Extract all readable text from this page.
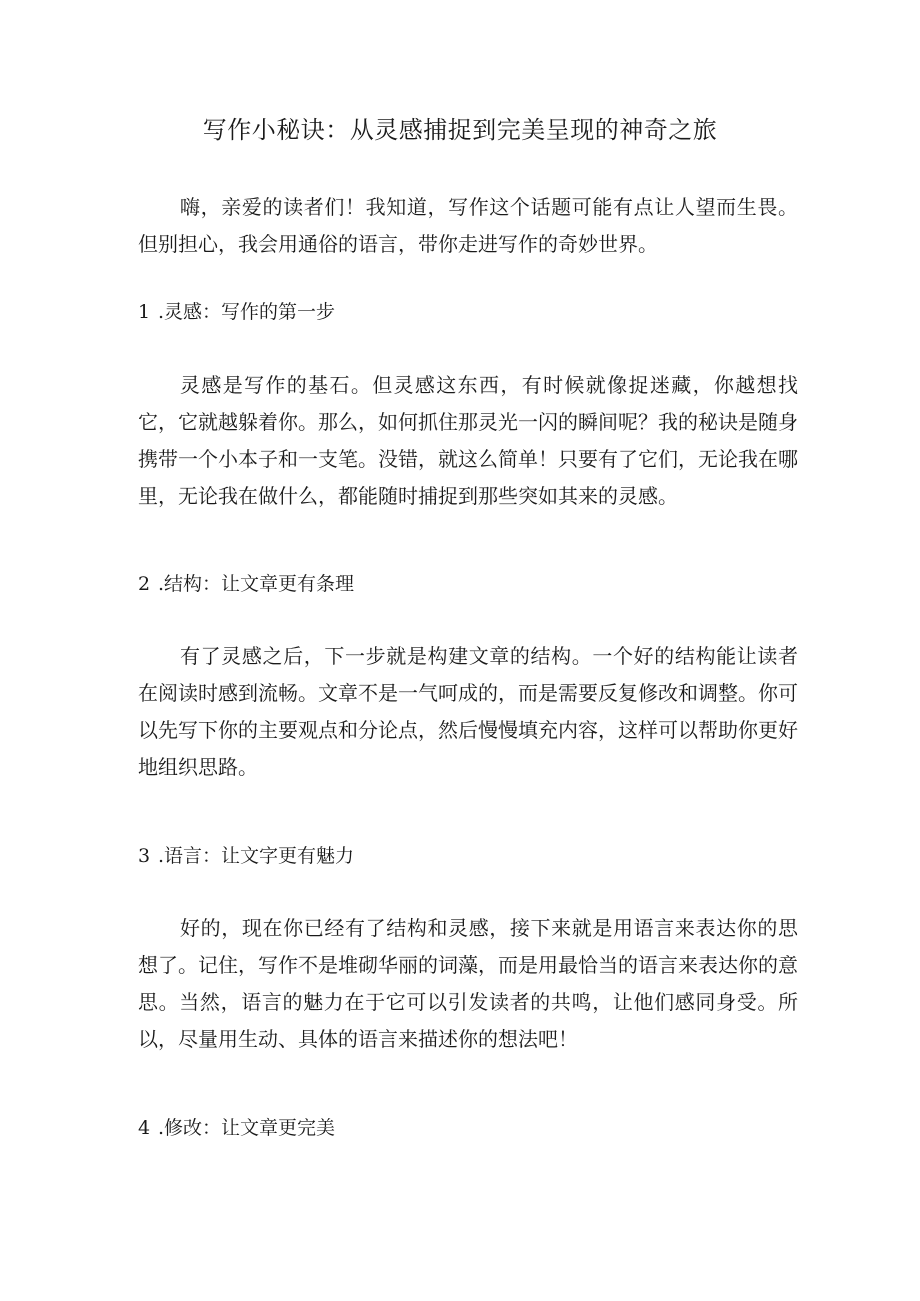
写作小秘诀：从灵感捕捉到完美呈现的神奇之旅

嗨，亲爱的读者们！我知道，写作这个话题可能有点让人望而生畏。但别担心，我会用通俗的语言，带你走进写作的奇妙世界。

1 .灵感：写作的第一步

灵感是写作的基石。但灵感这东西，有时候就像捉迷藏，你越想找它，它就越躲着你。那么，如何抓住那灵光一闪的瞬间呢？我的秘诀是随身携带一个小本子和一支笔。没错，就这么简单！只要有了它们，无论我在哪里，无论我在做什么，都能随时捕捉到那些突如其来的灵感。

2 .结构：让文章更有条理

有了灵感之后，下一步就是构建文章的结构。一个好的结构能让读者在阅读时感到流畅。文章不是一气呵成的，而是需要反复修改和调整。你可以先写下你的主要观点和分论点，然后慢慢填充内容，这样可以帮助你更好地组织思路。

3 .语言：让文字更有魅力

好的，现在你已经有了结构和灵感，接下来就是用语言来表达你的思想了。记住，写作不是堆砌华丽的词藻，而是用最恰当的语言来表达你的意思。当然，语言的魅力在于它可以引发读者的共鸣，让他们感同身受。所以，尽量用生动、具体的语言来描述你的想法吧！

4 .修改：让文章更完美
